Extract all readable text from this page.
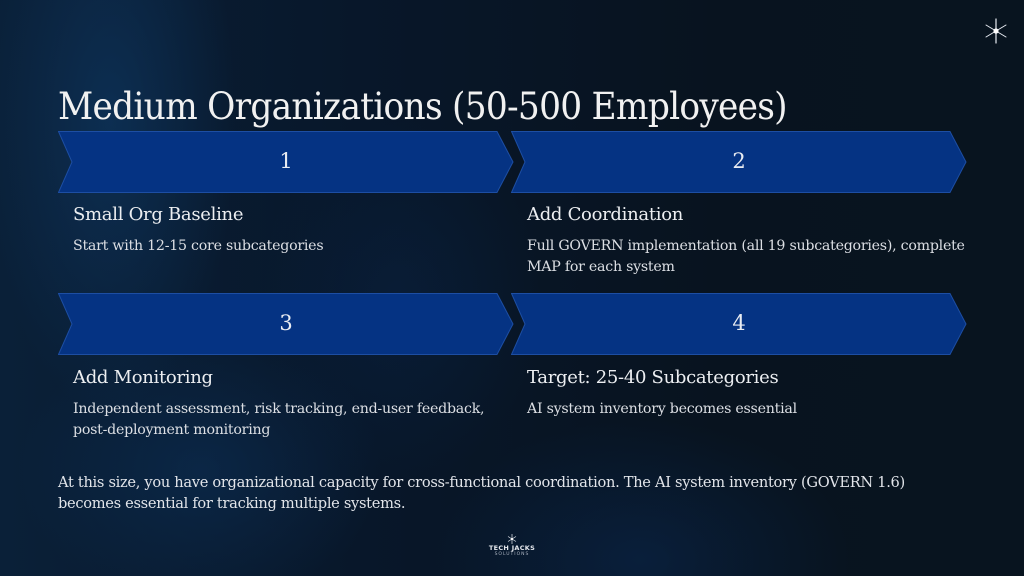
Medium Organizations (50-500 Employees)
1
Small Org Baseline
Start with 12-15 core subcategories
2
Add Coordination
Full GOVERN implementation (all 19 subcategories), complete MAP for each system
3
Add Monitoring
Independent assessment, risk tracking, end-user feedback, post-deployment monitoring
4
Target: 25-40 Subcategories
AI system inventory becomes essential

At this size, you have organizational capacity for cross-functional coordination. The AI system inventory (GOVERN 1.6) becomes essential for tracking multiple systems.

TECH JACKS
SOLUTIONS
